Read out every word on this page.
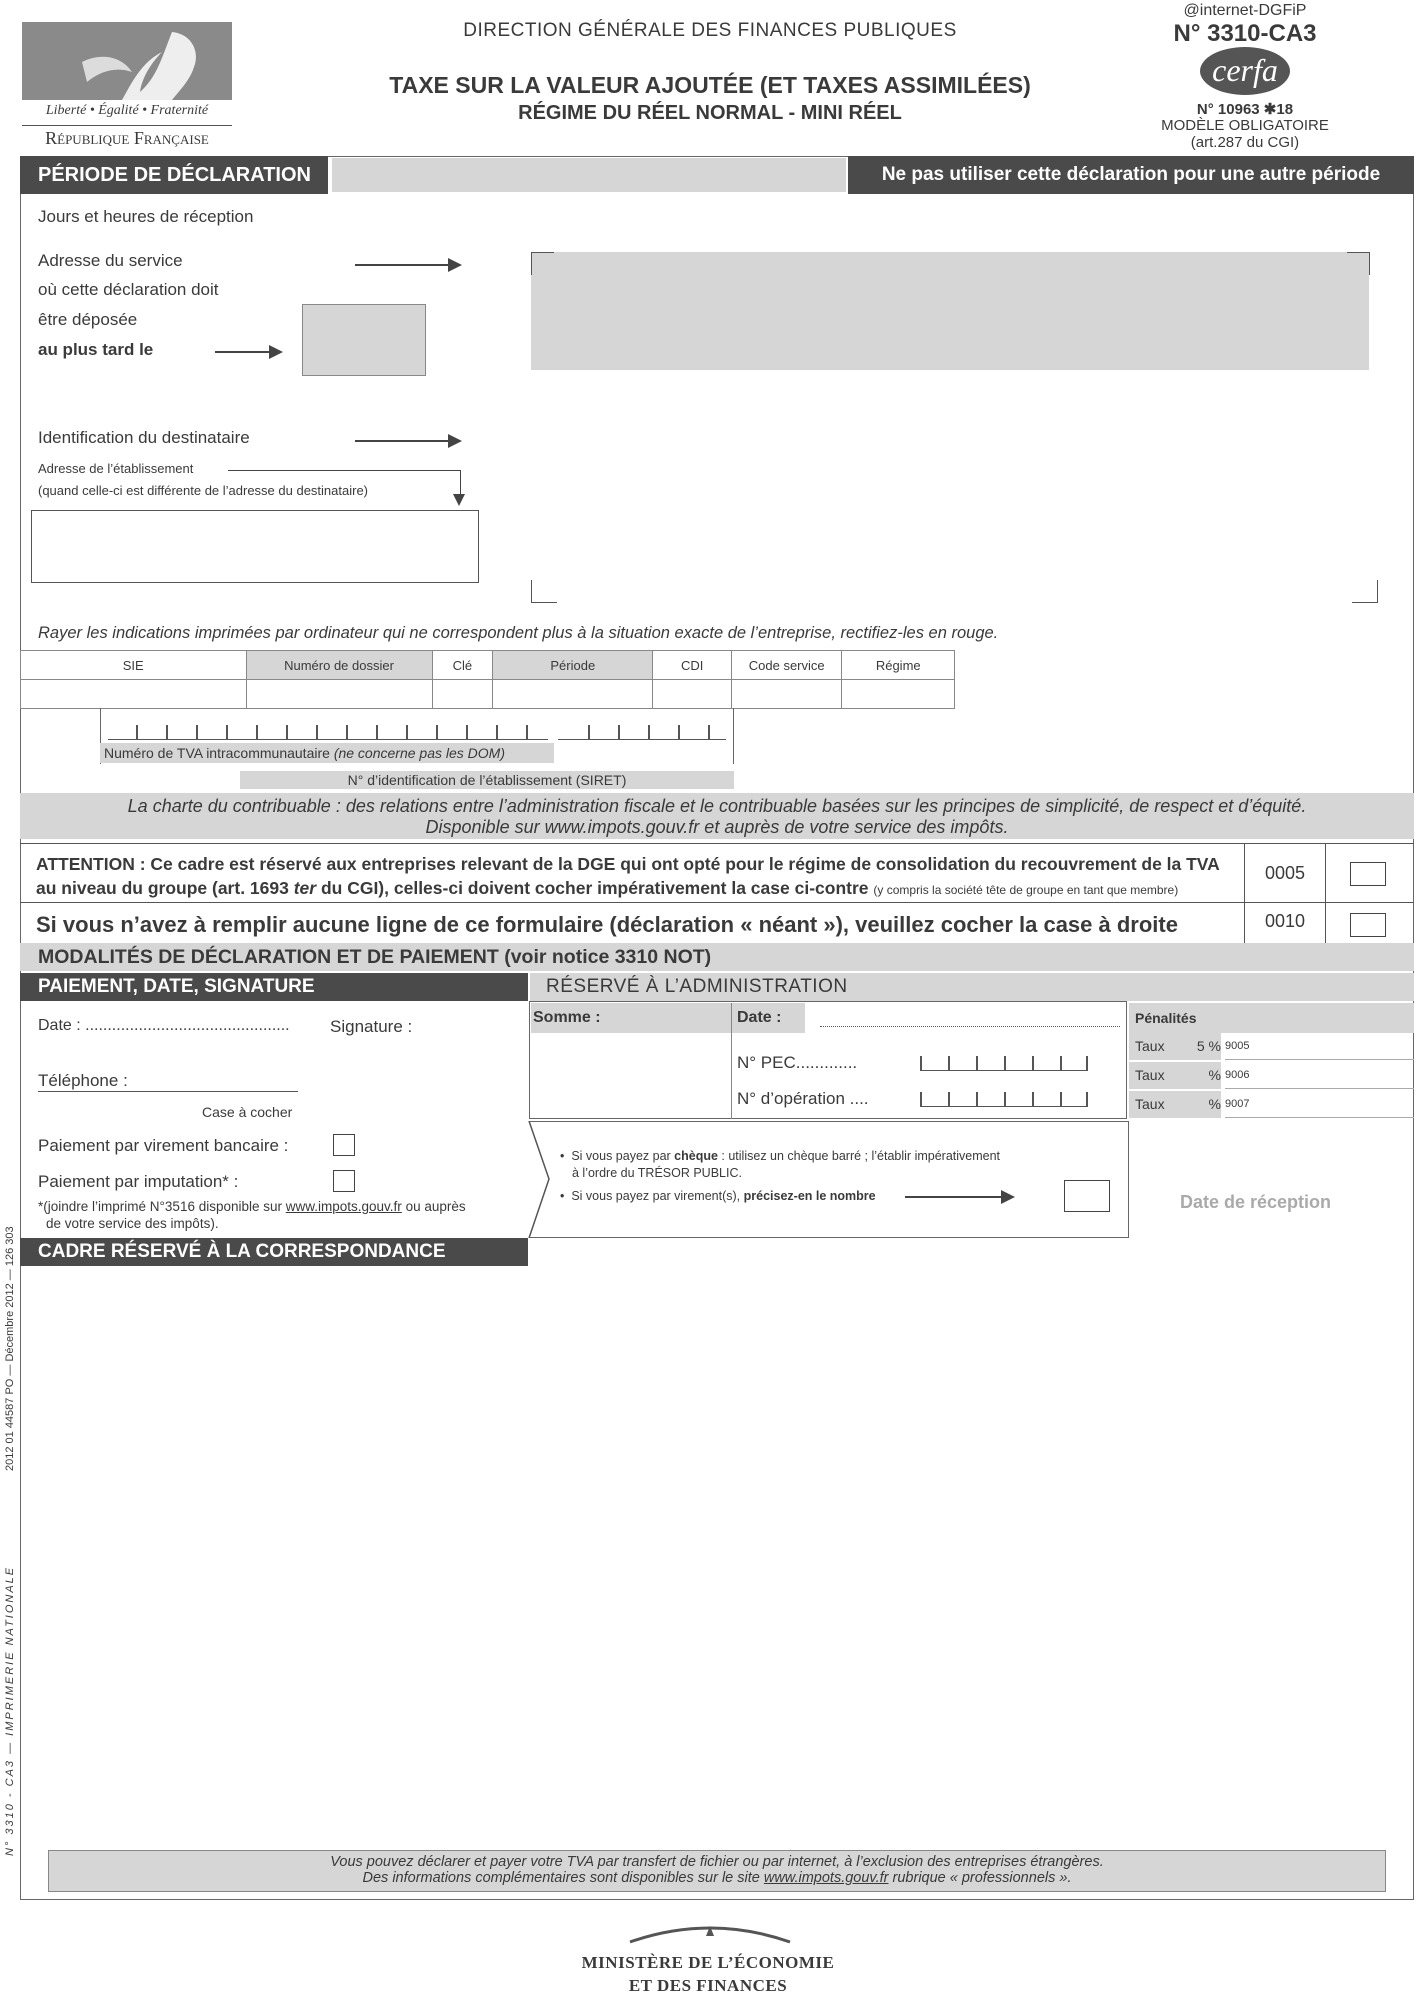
Liberté • Égalité • Fraternité
République Française
DIRECTION GÉNÉRALE DES FINANCES PUBLIQUES
TAXE SUR LA VALEUR AJOUTÉE (ET TAXES ASSIMILÉES)
RÉGIME DU RÉEL NORMAL - MINI RÉEL
@internet-DGFiP
N° 3310-CA3
cerfa
N° 10963 ✱18
MODÈLE OBLIGATOIRE
(art.287 du CGI)
PÉRIODE DE DÉCLARATION	Ne pas utiliser cette déclaration pour une autre période
Jours et heures de réception
Adresse du service
où cette déclaration doit
être déposée
au plus tard le
Identification du destinataire
Adresse de l’établissement
(quand celle-ci est différente de l’adresse du destinataire)
Rayer les indications imprimées par ordinateur qui ne correspondent plus à la situation exacte de l’entreprise, rectifiez-les en rouge.
SIE	Numéro de dossier	Clé	Période	CDI	Code service	Régime

Numéro de TVA intracommunautaire (ne concerne pas les DOM)
N° d’identification de l’établissement (SIRET)
La charte du contribuable : des relations entre l’administration fiscale et le contribuable basées sur les principes de simplicité, de respect et d’équité.
Disponible sur www.impots.gouv.fr et auprès de votre service des impôts.
ATTENTION : Ce cadre est réservé aux entreprises relevant de la DGE qui ont opté pour le régime de consolidation du recouvrement de la TVA
au niveau du groupe (art. 1693 ter du CGI), celles-ci doivent cocher impérativement la case ci-contre (y compris la société tête de groupe en tant que membre)
0005
Si vous n’avez à remplir aucune ligne de ce formulaire (déclaration « néant »), veuillez cocher la case à droite	0010
MODALITÉS DE DÉCLARATION ET DE PAIEMENT (voir notice 3310 NOT)
PAIEMENT, DATE, SIGNATURE
Date : .............................................. Signature :
Téléphone :
Case à cocher
Paiement par virement bancaire :
Paiement par imputation* :
*(joindre l’imprimé N°3516 disponible sur www.impots.gouv.fr ou auprès
de votre service des impôts).
RÉSERVÉ À L’ADMINISTRATION
Somme :	Date :
N° PEC.............
N° d’opération ....
Pénalités
Taux	5 % 9005
Taux	% 9006
Taux	% 9007
•  Si vous payez par chèque : utilisez un chèque barré ; l’établir impérativement
à l’ordre du TRÉSOR PUBLIC.
•  Si vous payez par virement(s), précisez-en le nombre	Date de réception
CADRE RÉSERVÉ À LA CORRESPONDANCE
Vous pouvez déclarer et payer votre TVA par transfert de fichier ou par internet, à l’exclusion des entreprises étrangères.
Des informations complémentaires sont disponibles sur le site www.impots.gouv.fr rubrique « professionnels ».
MINISTÈRE DE L’ÉCONOMIE
ET DES FINANCES
2012 01 44587 PO — Décembre 2012 — 126 303
N° 3310 - CA3 — IMPRIMERIE NATIONALE
